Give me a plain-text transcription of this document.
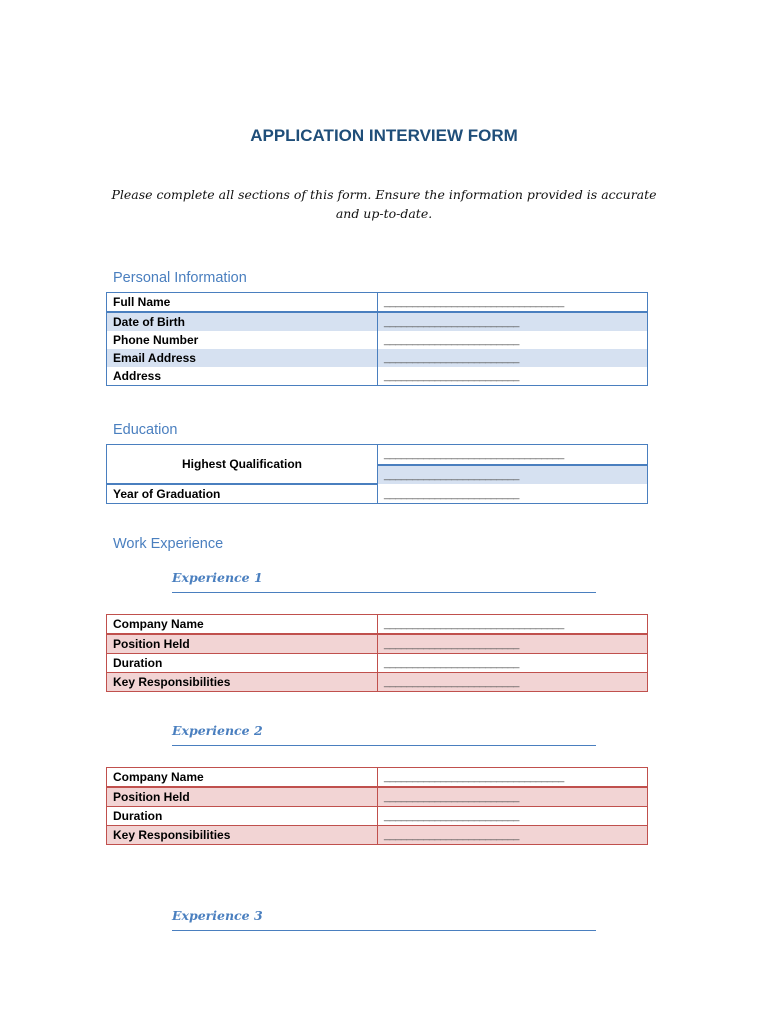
APPLICATION INTERVIEW FORM
Please complete all sections of this form. Ensure the information provided is accurate and up-to-date.
Personal Information
Full Name	________________________________
Date of Birth	________________________
Phone Number	________________________
Email Address	________________________
Address	________________________
Education
Highest Qualification	________________________________
	________________________
Year of Graduation	________________________
Work Experience
Experience 1
Company Name	________________________________
Position Held	________________________
Duration	________________________
Key Responsibilities	________________________
Experience 2
Company Name	________________________________
Position Held	________________________
Duration	________________________
Key Responsibilities	________________________
Experience 3
